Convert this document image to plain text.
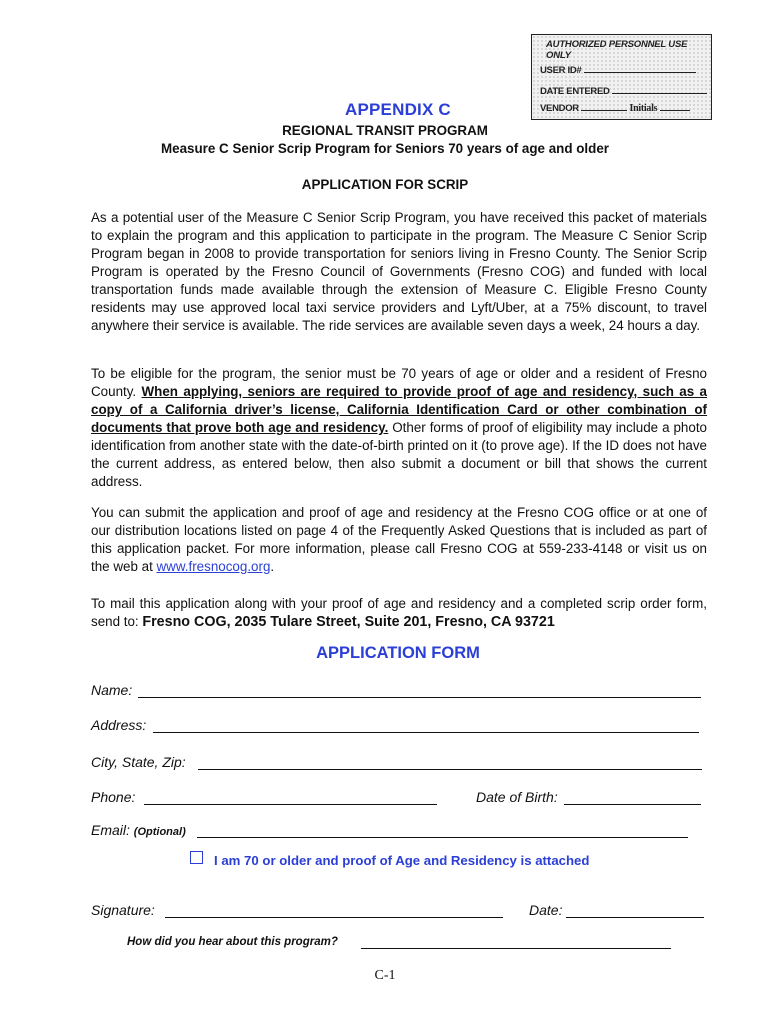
AUTHORIZED PERSONNEL USE ONLY
USER ID#
DATE ENTERED
VENDOR	Initials
APPENDIX C
REGIONAL TRANSIT PROGRAM
Measure C Senior Scrip Program for Seniors 70 years of age and older
APPLICATION FOR SCRIP
As a potential user of the Measure C Senior Scrip Program, you have received this packet of materials to explain the program and this application to participate in the program. The Measure C Senior Scrip Program began in 2008 to provide transportation for seniors living in Fresno County. The Senior Scrip Program is operated by the Fresno Council of Governments (Fresno COG) and funded with local transportation funds made available through the extension of Measure C. Eligible Fresno County residents may use approved local taxi service providers and Lyft/Uber, at a 75% discount, to travel anywhere their service is available. The ride services are available seven days a week, 24 hours a day.
To be eligible for the program, the senior must be 70 years of age or older and a resident of Fresno County. When applying, seniors are required to provide proof of age and residency, such as a copy of a California driver’s license, California Identification Card or other combination of documents that prove both age and residency. Other forms of proof of eligibility may include a photo identification from another state with the date-of-birth printed on it (to prove age). If the ID does not have the current address, as entered below, then also submit a document or bill that shows the current address.
You can submit the application and proof of age and residency at the Fresno COG office or at one of our distribution locations listed on page 4 of the Frequently Asked Questions that is included as part of this application packet. For more information, please call Fresno COG at 559-233-4148 or visit us on the web at www.fresnocog.org.
To mail this application along with your proof of age and residency and a completed scrip order form, send to: Fresno COG, 2035 Tulare Street, Suite 201, Fresno, CA 93721
APPLICATION FORM
Name:
Address:
City, State, Zip:
Phone:	Date of Birth:
Email: (Optional)
I am 70 or older and proof of Age and Residency is attached
Signature:	Date:
How did you hear about this program?
C-1
